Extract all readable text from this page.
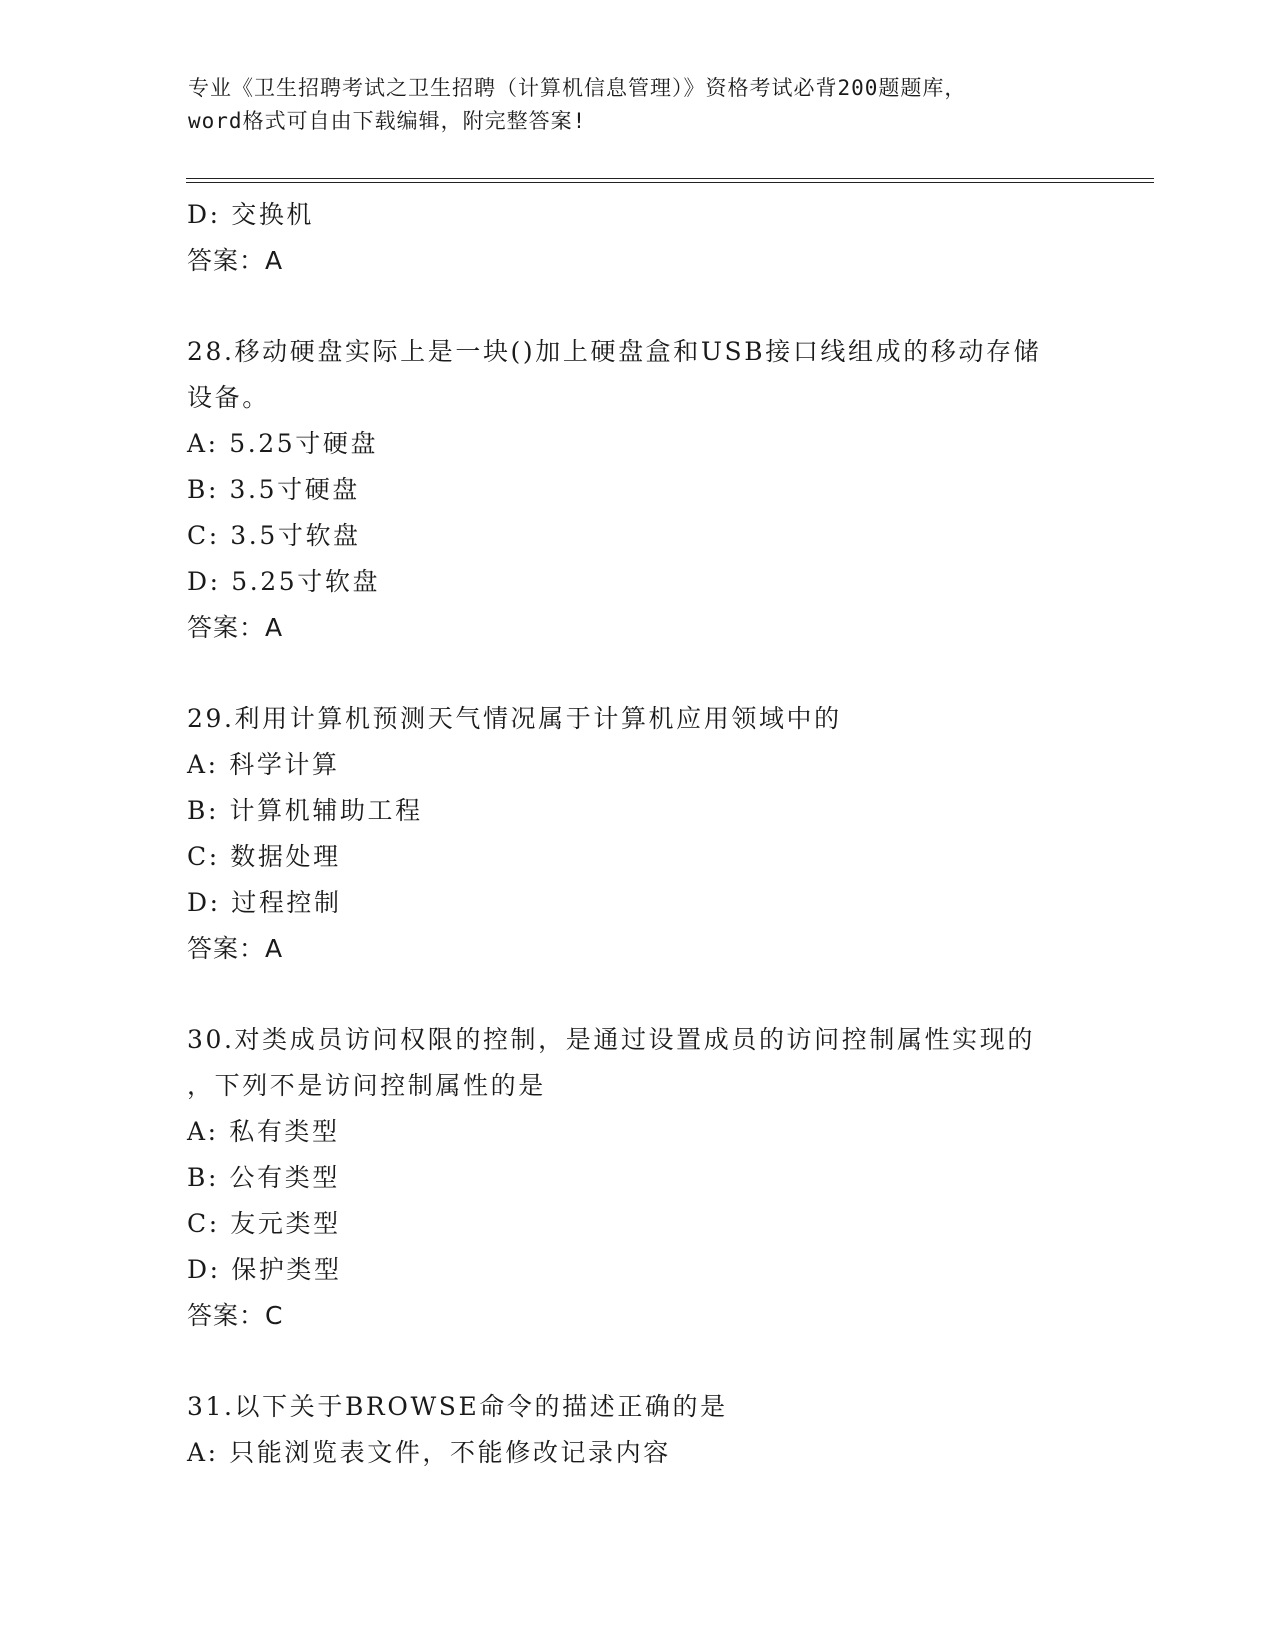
专业《卫生招聘考试之卫生招聘（计算机信息管理）》资格考试必背200题题库，
word格式可自由下载编辑，附完整答案!
D: 交换机
答案：A
28.移动硬盘实际上是一块()加上硬盘盒和USB接口线组成的移动存储
设备。
A: 5.25寸硬盘
B: 3.5寸硬盘
C: 3.5寸软盘
D: 5.25寸软盘
答案：A
29.利用计算机预测天气情况属于计算机应用领域中的
A: 科学计算
B: 计算机辅助工程
C: 数据处理
D: 过程控制
答案：A
30.对类成员访问权限的控制，是通过设置成员的访问控制属性实现的
，下列不是访问控制属性的是
A: 私有类型
B: 公有类型
C: 友元类型
D: 保护类型
答案：C
31.以下关于BROWSE命令的描述正确的是
A: 只能浏览表文件，不能修改记录内容
